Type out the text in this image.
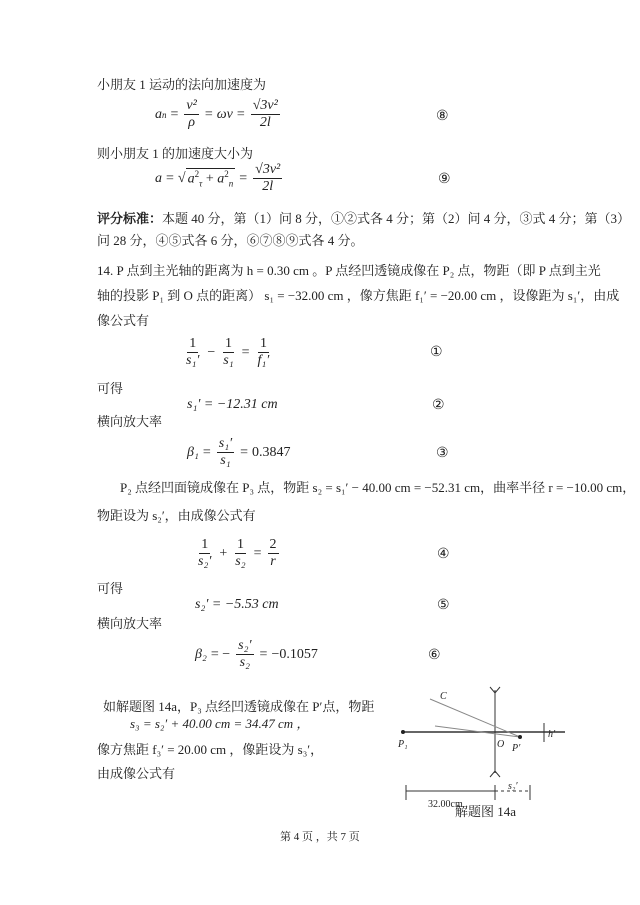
小朋友 1 运动的法向加速度为
a $n = \frac{\text{v²}}{\rho} = \omega v = \frac{\text{√3v²}}{2l}$	⑧
则小朋友 1 的加速度大小为
a = √ $a^2_\tau + a^2_n = \frac{\text{√3v²}}{2l}$	⑨
评分标准：本题 40 分，第（1）问 8 分，①②式各 4 分；第（2）问 4 分，③式 4 分；第（3）
问 28 分，④⑤式各 6 分，⑥⑦⑧⑨式各 4 分。
14. P 点到主光轴的距离为 h = 0.30 cm 。P 点经凹透镜成像在 P₂ 点，物距（即 P 点到主光
轴的投影 P₁ 到 O 点的距离） s₁ = −32.00 cm ，像方焦距 f₁′ = −20.00 cm ，设像距为 s₁′，由成
像公式有
$\frac{1}{\text{s₁′}} - \frac{1}{\text{s₁}} = \frac{1}{\text{f₁′}}$	①
可得
s₁′ = −12.31 cm	②
横向放大率
$\beta_1 = \frac{\text{s₁′}}{\text{s₁}} = 0.3847$	③
P₂ 点经凹面镜成像在 P₃ 点，物距 s₂ = s₁′ − 40.00 cm = −52.31 cm，曲率半径 r = −10.00 cm，
物距设为 s₂′，由成像公式有
$\frac{1}{\text{s₂′}} + \frac{1}{\text{s₂}} = \frac{2}{r}$	④
可得
s₂′ = −5.53 cm	⑤
横向放大率
β₂ = − $\frac{\text{s₂′}}{\text{s₂}} = -0.1057$	⑥
如解题图 14a，P₃ 点经凹透镜成像在 P′点，物距
s₃ = s₂′ + 40.00 cm = 34.47 cm ，
像方焦距 f₃′ = 20.00 cm ，像距设为 s₃′，
由成像公式有
C
O
P₁	P′
h′
s₂′
32.00cm
解题图 14a
第 4 页 ，共 7 页
